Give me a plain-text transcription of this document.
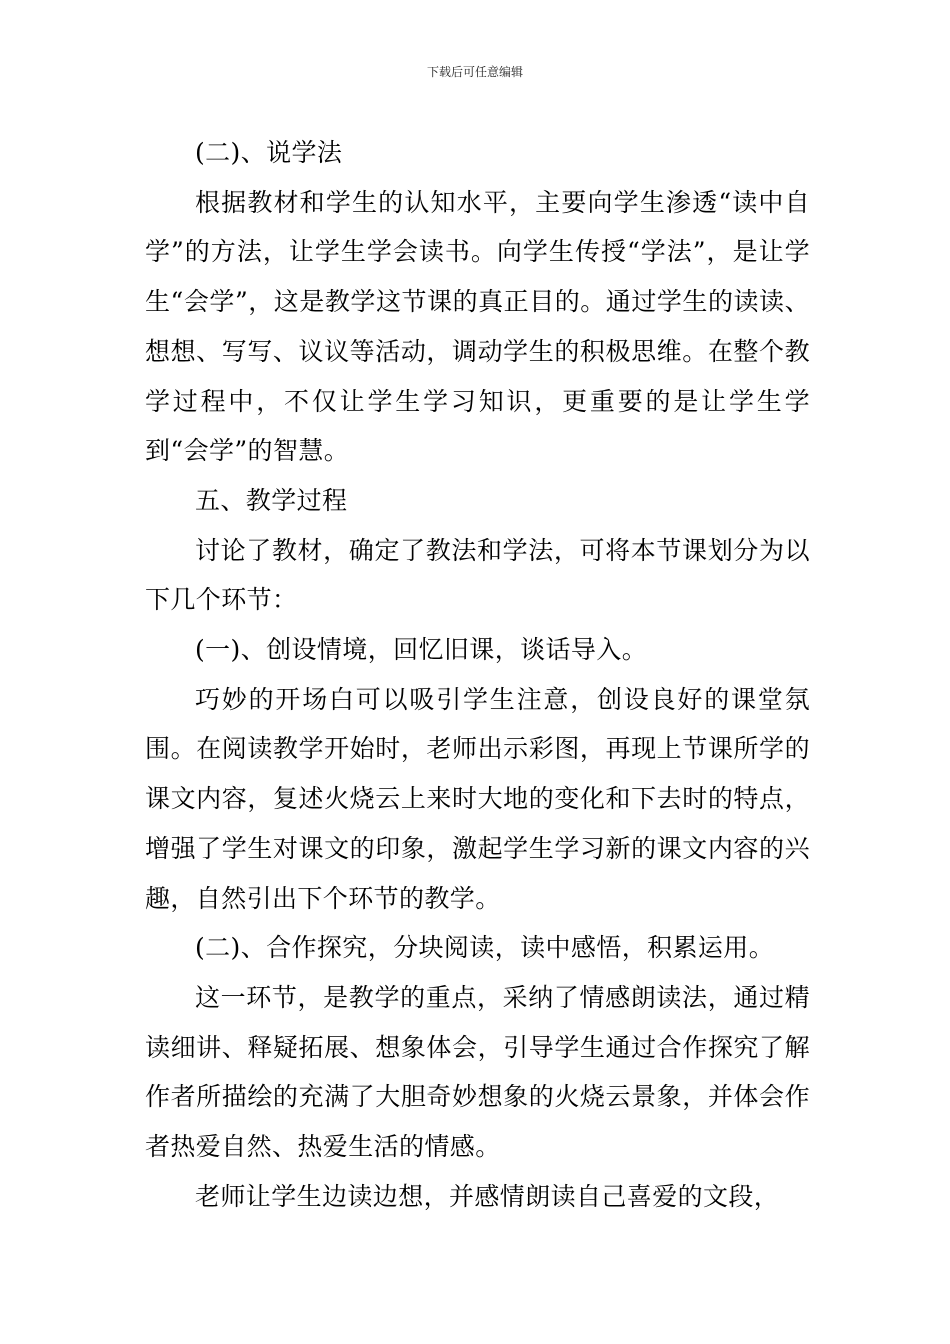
下载后可任意编辑

(二)、说学法

根据教材和学生的认知水平，主要向学生渗透“读中自学”的方法，让学生学会读书。向学生传授“学法”，是让学生“会学”，这是教学这节课的真正目的。通过学生的读读、想想、写写、议议等活动，调动学生的积极思维。在整个教学过程中，不仅让学生学习知识，更重要的是让学生学到“会学”的智慧。

五、教学过程

讨论了教材，确定了教法和学法，可将本节课划分为以下几个环节：

(一)、创设情境，回忆旧课，谈话导入。

巧妙的开场白可以吸引学生注意，创设良好的课堂氛围。在阅读教学开始时，老师出示彩图，再现上节课所学的课文内容，复述火烧云上来时大地的变化和下去时的特点，增强了学生对课文的印象，激起学生学习新的课文内容的兴趣，自然引出下个环节的教学。

(二)、合作探究，分块阅读，读中感悟，积累运用。

这一环节，是教学的重点，采纳了情感朗读法，通过精读细讲、释疑拓展、想象体会，引导学生通过合作探究了解作者所描绘的充满了大胆奇妙想象的火烧云景象，并体会作者热爱自然、热爱生活的情感。

老师让学生边读边想，并感情朗读自己喜爱的文段，
